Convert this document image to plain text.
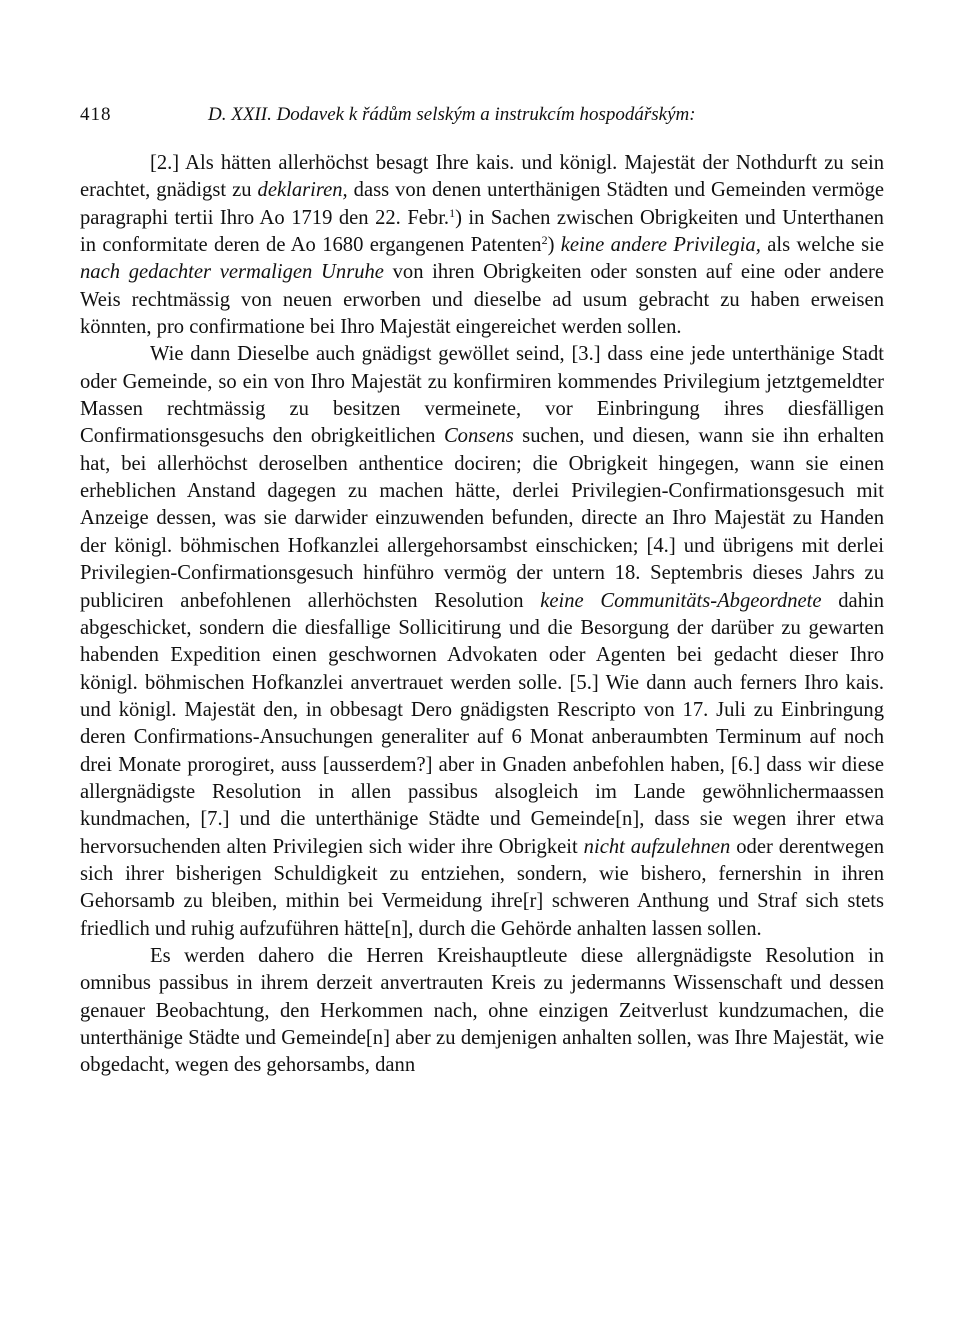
418	D. XXII. Dodavek k řádům selským a instrukcím hospodářským:

[2.] Als hätten allerhöchst besagt Ihre kais. und königl. Majestät der Nothdurft zu sein erachtet, gnädigst zu deklariren, dass von denen unterthänigen Städten und Gemeinden vermöge paragraphi tertii Ihro Ao 1719 den 22. Febr.$^1$) in Sachen zwischen Obrigkeiten und Unterthanen in conformitate deren de Ao 1680 ergangenen Patenten$^2$) keine andere Privilegia, als welche sie nach gedachter vermaligen Unruhe von ihren Obrigkeiten oder sonsten auf eine oder andere Weis rechtmässig von neuen erworben und dieselbe ad usum gebracht zu haben erweisen könnten, pro confirmatione bei Ihro Majestät eingereichet werden sollen.

Wie dann Dieselbe auch gnädigst gewöllet seind, [3.] dass eine jede unterthänige Stadt oder Gemeinde, so ein von Ihro Majestät zu konfirmiren kommendes Privilegium jetztgemeldter Massen rechtmässig zu besitzen vermeinete, vor Einbringung ihres diesfälligen Confirmationsgesuchs den obrigkeitlichen Consens suchen, und diesen, wann sie ihn erhalten hat, bei allerhöchst deroselben anthentice dociren; die Obrigkeit hingegen, wann sie einen erheblichen Anstand dagegen zu machen hätte, derlei Privilegien-Confirmationsgesuch mit Anzeige dessen, was sie darwider einzuwenden befunden, directe an Ihro Majestät zu Handen der königl. böhmischen Hofkanzlei allergehorsambst einschicken; [4.] und übrigens mit derlei Privilegien-Confirmationsgesuch hinführo vermög der untern 18. Septembris dieses Jahrs zu publiciren anbefohlenen allerhöchsten Resolution keine Communitäts-Abgeordnete dahin abgeschicket, sondern die diesfallige Sollicitirung und die Besorgung der darüber zu gewarten habenden Expedition einen geschwornen Advokaten oder Agenten bei gedacht dieser Ihro königl. böhmischen Hofkanzlei anvertrauet werden solle. [5.] Wie dann auch ferners Ihro kais. und königl. Majestät den, in obbesagt Dero gnädigsten Rescripto von 17. Juli zu Einbringung deren Confirmations-Ansuchungen generaliter auf 6 Monat anberaumbten Terminum auf noch drei Monate prorogiret, auss [ausserdem?] aber in Gnaden anbefohlen haben, [6.] dass wir diese allergnädigste Resolution in allen passibus alsogleich im Lande gewöhnlichermaassen kundmachen, [7.] und die unterthänige Städte und Gemeinde[n], dass sie wegen ihrer etwa hervorsuchenden alten Privilegien sich wider ihre Obrigkeit nicht aufzulehnen oder derentwegen sich ihrer bisherigen Schuldigkeit zu entziehen, sondern, wie bishero, fernershin in ihren Gehorsamb zu bleiben, mithin bei Vermeidung ihre[r] schweren Anthung und Straf sich stets friedlich und ruhig aufzuführen hätte[n], durch die Gehörde anhalten lassen sollen.

Es werden dahero die Herren Kreishauptleute diese allergnädigste Resolution in omnibus passibus in ihrem derzeit anvertrauten Kreis zu jedermanns Wissenschaft und dessen genauer Beobachtung, den Herkommen nach, ohne einzigen Zeitverlust kundzumachen, die unterthänige Städte und Gemeinde[n] aber zu demjenigen anhalten sollen, was Ihre Majestät, wie obgedacht, wegen des gehorsambs, dann
